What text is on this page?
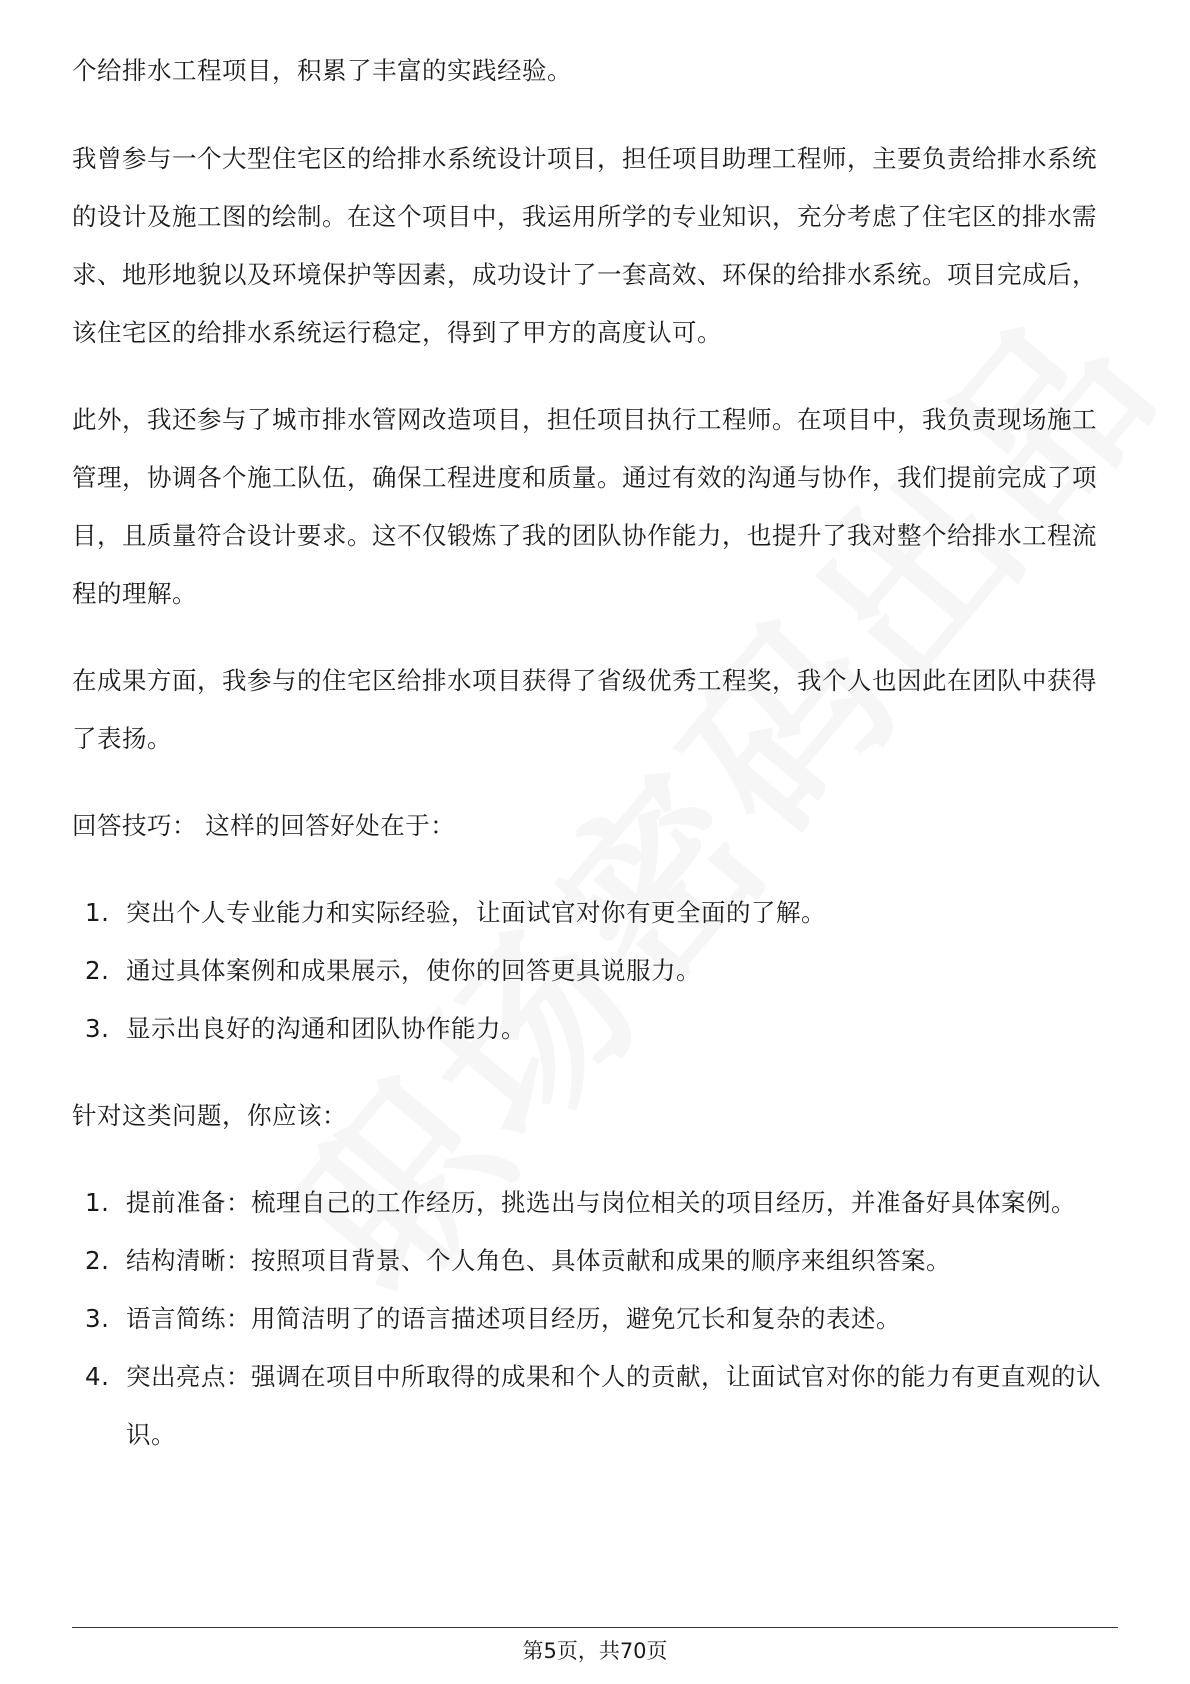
个给排水工程项目，积累了丰富的实践经验。

我曾参与一个大型住宅区的给排水系统设计项目，担任项目助理工程师，主要负责给排水系统的设计及施工图的绘制。在这个项目中，我运用所学的专业知识，充分考虑了住宅区的排水需求、地形地貌以及环境保护等因素，成功设计了一套高效、环保的给排水系统。项目完成后，该住宅区的给排水系统运行稳定，得到了甲方的高度认可。

此外，我还参与了城市排水管网改造项目，担任项目执行工程师。在项目中，我负责现场施工管理，协调各个施工队伍，确保工程进度和质量。通过有效的沟通与协作，我们提前完成了项目，且质量符合设计要求。这不仅锻炼了我的团队协作能力，也提升了我对整个给排水工程流程的理解。

在成果方面，我参与的住宅区给排水项目获得了省级优秀工程奖，我个人也因此在团队中获得了表扬。

回答技巧： 这样的回答好处在于：

1. 突出个人专业能力和实际经验，让面试官对你有更全面的了解。
2. 通过具体案例和成果展示，使你的回答更具说服力。
3. 显示出良好的沟通和团队协作能力。

针对这类问题，你应该：

1. 提前准备：梳理自己的工作经历，挑选出与岗位相关的项目经历，并准备好具体案例。
2. 结构清晰：按照项目背景、个人角色、具体贡献和成果的顺序来组织答案。
3. 语言简练：用简洁明了的语言描述项目经历，避免冗长和复杂的表述。
4. 突出亮点：强调在项目中所取得的成果和个人的贡献，让面试官对你的能力有更直观的认识。
第5页，共70页
